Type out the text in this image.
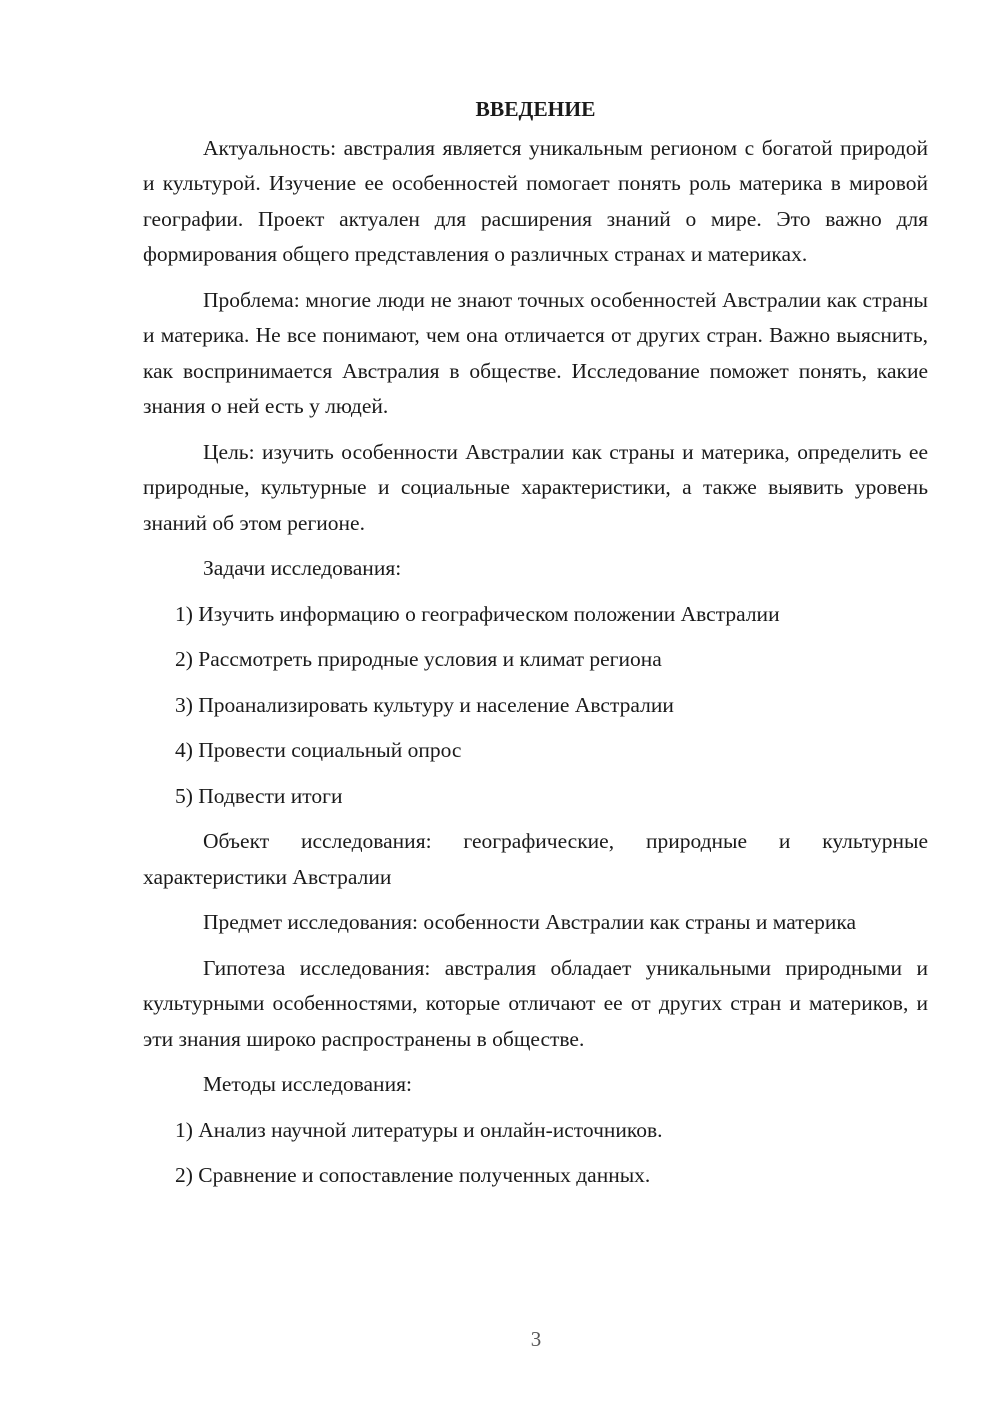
ВВЕДЕНИЕ

Актуальность: австралия является уникальным регионом с богатой природой и культурой. Изучение ее особенностей помогает понять роль материка в мировой географии. Проект актуален для расширения знаний о мире. Это важно для формирования общего представления о различных странах и материках.

Проблема: многие люди не знают точных особенностей Австралии как страны и материка. Не все понимают, чем она отличается от других стран. Важно выяснить, как воспринимается Австралия в обществе. Исследование поможет понять, какие знания о ней есть у людей.

Цель: изучить особенности Австралии как страны и материка, определить ее природные, культурные и социальные характеристики, а также выявить уровень знаний об этом регионе.

Задачи исследования:

1) Изучить информацию о географическом положении Австралии
2) Рассмотреть природные условия и климат региона
3) Проанализировать культуру и население Австралии
4) Провести социальный опрос
5) Подвести итоги

Объект исследования: географические, природные и культурные характеристики Австралии

Предмет исследования: особенности Австралии как страны и материка

Гипотеза исследования: австралия обладает уникальными природными и культурными особенностями, которые отличают ее от других стран и материков, и эти знания широко распространены в обществе.

Методы исследования:

1) Анализ научной литературы и онлайн-источников.
2) Сравнение и сопоставление полученных данных.
3
